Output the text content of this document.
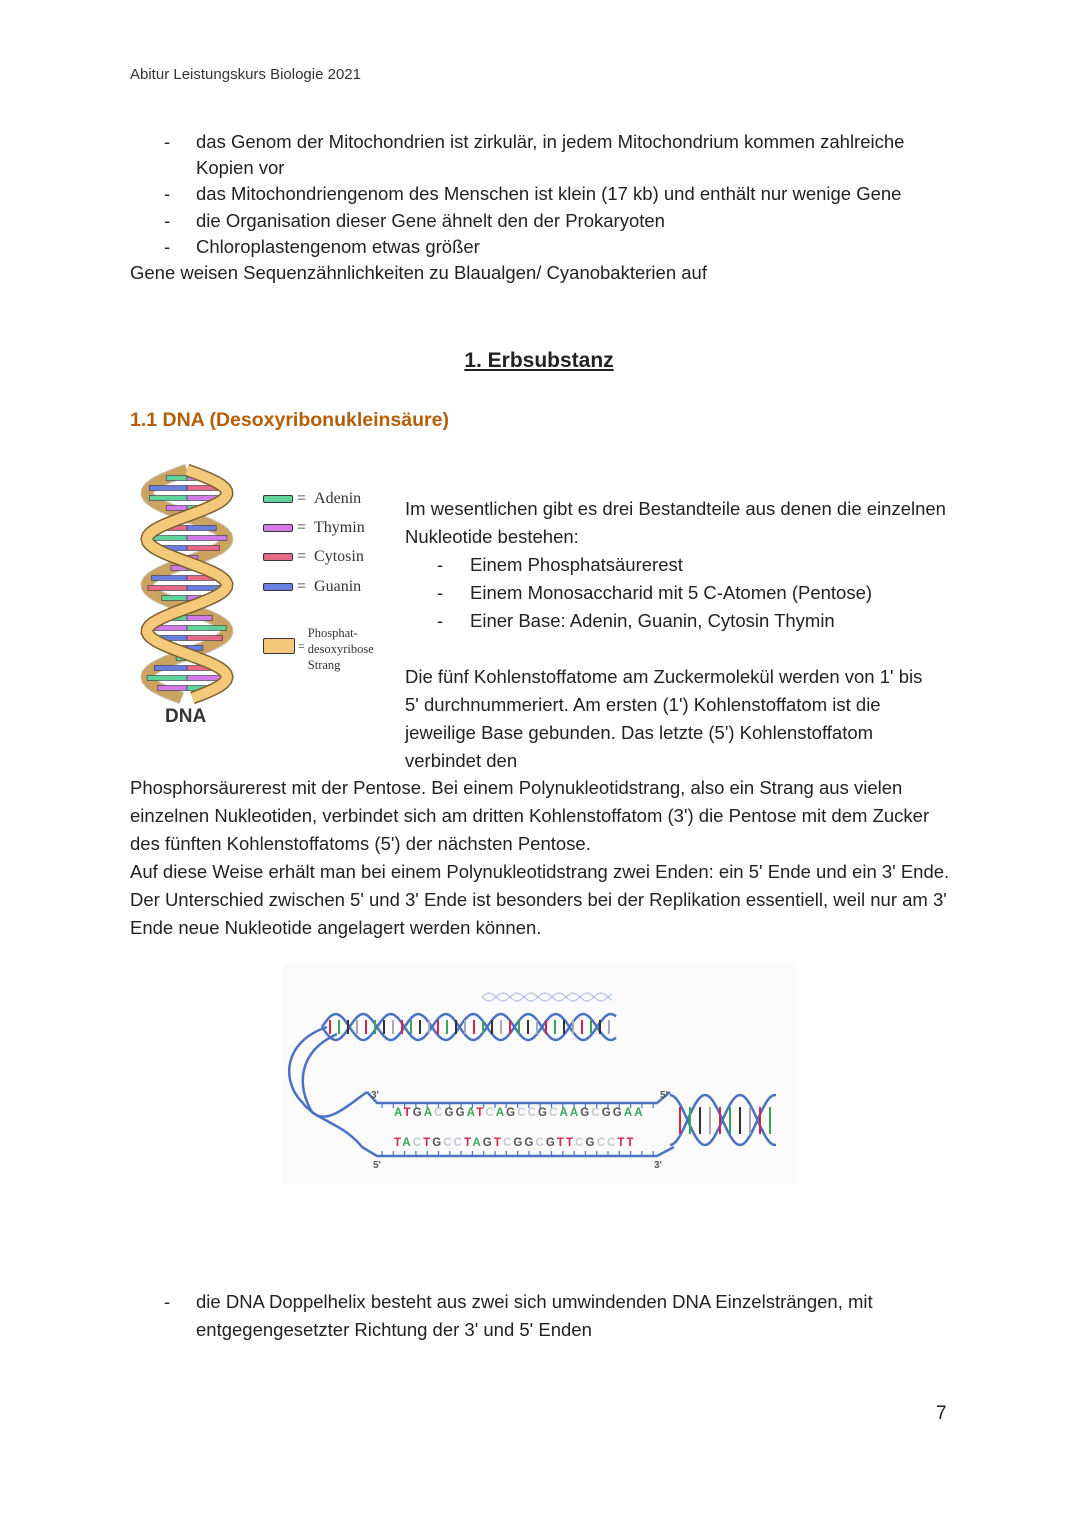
Abitur Leistungskurs Biologie 2021
- das Genom der Mitochondrien ist zirkulär, in jedem Mitochondrium kommen zahlreiche Kopien vor
- das Mitochondriengenom des Menschen ist klein (17 kb) und enthält nur wenige Gene
- die Organisation dieser Gene ähnelt den der Prokaryoten
- Chloroplastengenom etwas größer
Gene weisen Sequenzähnlichkeiten zu Blaualgen/ Cyanobakterien auf
1. Erbsubstanz
1.1 DNA (Desoxyribonukleinsäure)
DNA
= Adenin
= Thymin
= Cytosin
= Guanin
=
Phosphat-
desoxyribose
Strang
Im wesentlichen gibt es drei Bestandteile aus denen die einzelnen Nukleotide bestehen:
- Einem Phosphatsäurerest
- Einem Monosaccharid mit 5 C-Atomen (Pentose)
- Einer Base: Adenin, Guanin, Cytosin Thymin
Die fünf Kohlenstoffatome am Zuckermolekül werden von 1' bis 5' durchnummeriert. Am ersten (1') Kohlenstoffatom ist die jeweilige Base gebunden. Das letzte (5') Kohlenstoffatom verbindet den
Phosphorsäurerest mit der Pentose. Bei einem Polynukleotidstrang, also ein Strang aus vielen einzelnen Nukleotiden, verbindet sich am dritten Kohlenstoffatom (3') die Pentose mit dem Zucker des fünften Kohlenstoffatoms (5') der nächsten Pentose.
Auf diese Weise erhält man bei einem Polynukleotidstrang zwei Enden: ein 5' Ende und ein 3' Ende. Der Unterschied zwischen 5' und 3' Ende ist besonders bei der Replikation essentiell, weil nur am 3' Ende neue Nukleotide angelagert werden können.
3'	5'
5'	3'
ATGACGGATCAGCCGCAAGCGGAA
TACTGCCTAGTCGGCGTTCGCCTT
- die DNA Doppelhelix besteht aus zwei sich umwindenden DNA Einzelsträngen, mit entgegengesetzter Richtung der 3' und 5' Enden
7
